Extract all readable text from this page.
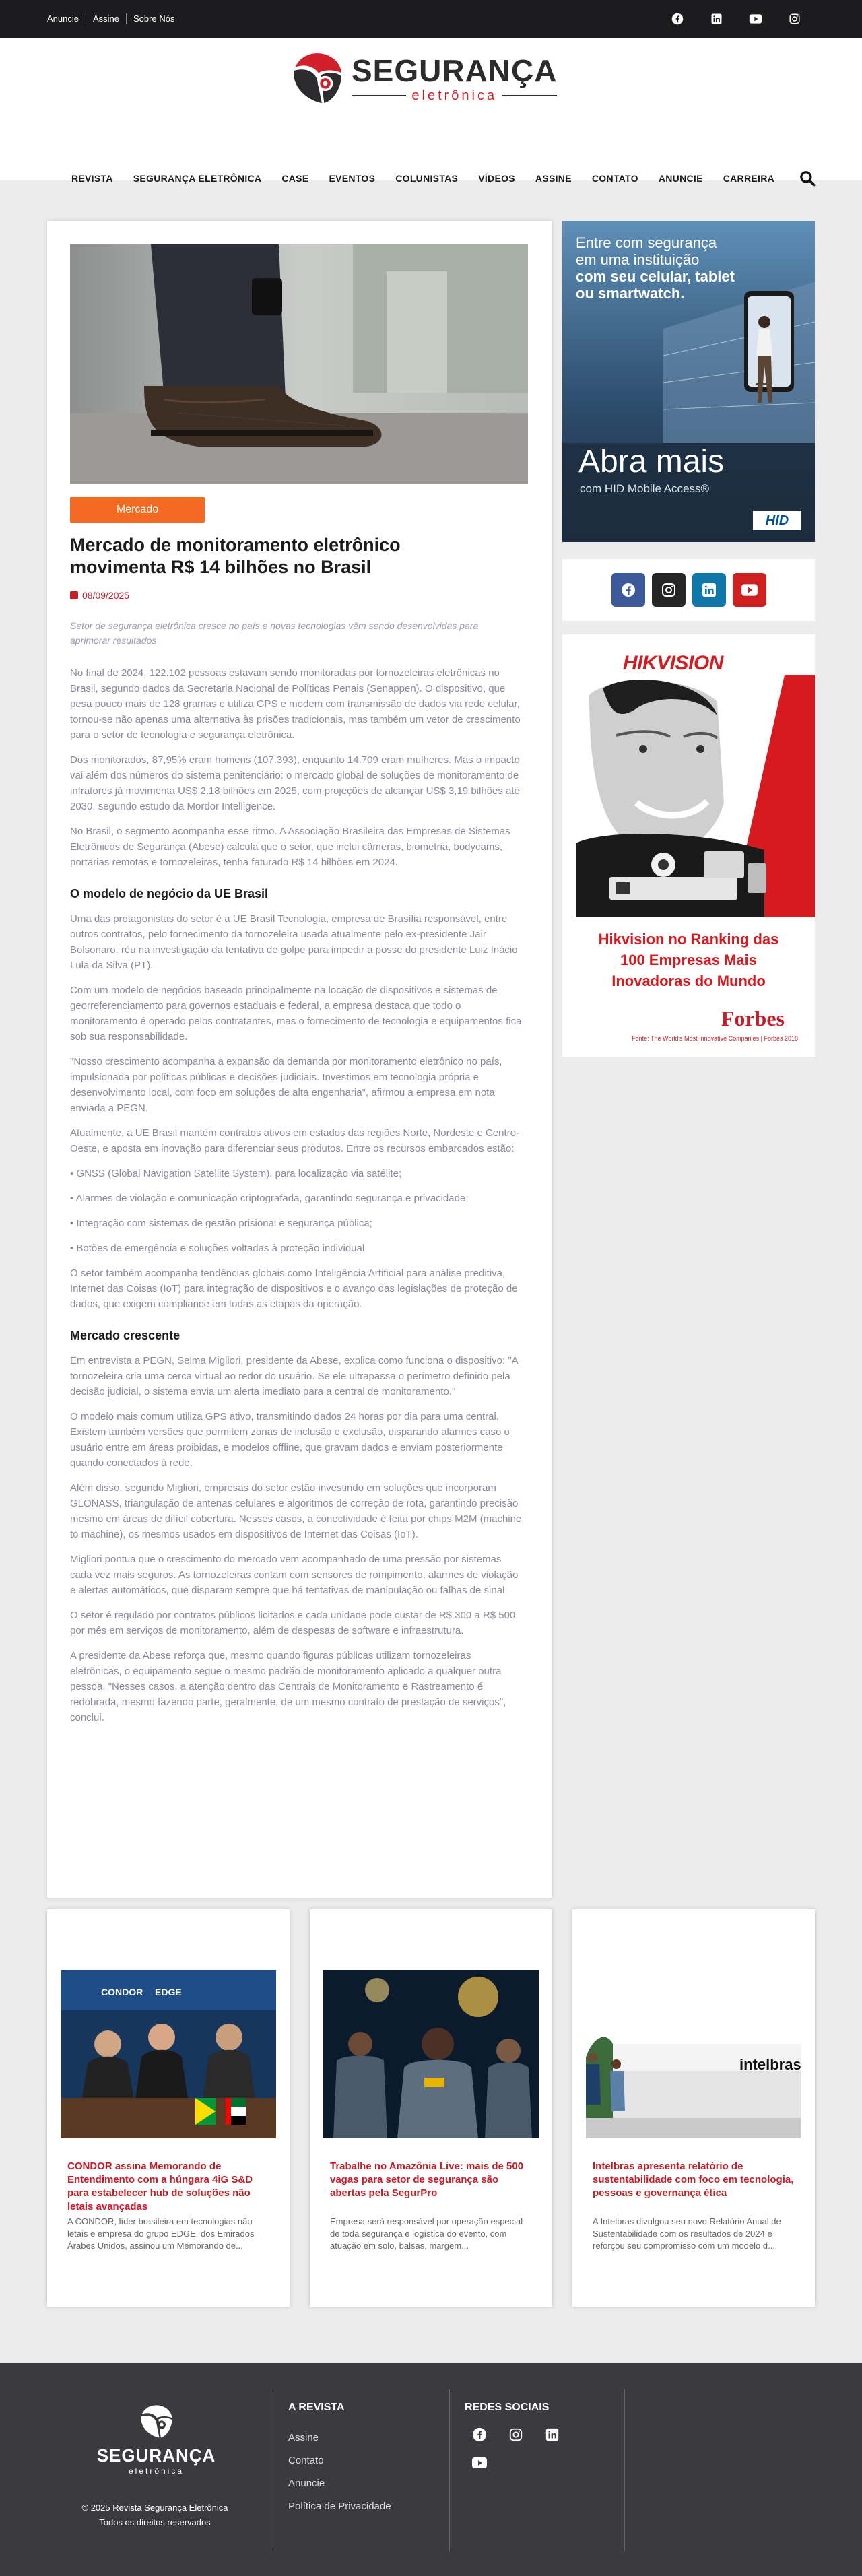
Anuncie	Assine	Sobre Nós
SEGURANÇA
eletrônica
REVISTA SEGURANÇA ELETRÔNICA CASE EVENTOS COLUNISTAS VÍDEOS ASSINE CONTATO ANUNCIE CARREIRA
Mercado
Mercado de monitoramento eletrônico movimenta R$ 14 bilhões no Brasil
08/09/2025
Setor de segurança eletrônica cresce no país e novas tecnologias vêm sendo desenvolvidas para aprimorar resultados

No final de 2024, 122.102 pessoas estavam sendo monitoradas por tornozeleiras eletrônicas no Brasil, segundo dados da Secretaria Nacional de Políticas Penais (Senappen). O dispositivo, que pesa pouco mais de 128 gramas e utiliza GPS e modem com transmissão de dados via rede celular, tornou-se não apenas uma alternativa às prisões tradicionais, mas também um vetor de crescimento para o setor de tecnologia e segurança eletrônica.

Dos monitorados, 87,95% eram homens (107.393), enquanto 14.709 eram mulheres. Mas o impacto vai além dos números do sistema penitenciário: o mercado global de soluções de monitoramento de infratores já movimenta US$ 2,18 bilhões em 2025, com projeções de alcançar US$ 3,19 bilhões até 2030, segundo estudo da Mordor Intelligence.

No Brasil, o segmento acompanha esse ritmo. A Associação Brasileira das Empresas de Sistemas Eletrônicos de Segurança (Abese) calcula que o setor, que inclui câmeras, biometria, bodycams, portarias remotas e tornozeleiras, tenha faturado R$ 14 bilhões em 2024.

O modelo de negócio da UE Brasil

Uma das protagonistas do setor é a UE Brasil Tecnologia, empresa de Brasília responsável, entre outros contratos, pelo fornecimento da tornozeleira usada atualmente pelo ex-presidente Jair Bolsonaro, réu na investigação da tentativa de golpe para impedir a posse do presidente Luiz Inácio Lula da Silva (PT).

Com um modelo de negócios baseado principalmente na locação de dispositivos e sistemas de georreferenciamento para governos estaduais e federal, a empresa destaca que todo o monitoramento é operado pelos contratantes, mas o fornecimento de tecnologia e equipamentos fica sob sua responsabilidade.

"Nosso crescimento acompanha a expansão da demanda por monitoramento eletrônico no país, impulsionada por políticas públicas e decisões judiciais. Investimos em tecnologia própria e desenvolvimento local, com foco em soluções de alta engenharia", afirmou a empresa em nota enviada a PEGN.

Atualmente, a UE Brasil mantém contratos ativos em estados das regiões Norte, Nordeste e Centro-Oeste, e aposta em inovação para diferenciar seus produtos. Entre os recursos embarcados estão:

• GNSS (Global Navigation Satellite System), para localização via satélite;

• Alarmes de violação e comunicação criptografada, garantindo segurança e privacidade;

• Integração com sistemas de gestão prisional e segurança pública;

• Botões de emergência e soluções voltadas à proteção individual.

O setor também acompanha tendências globais como Inteligência Artificial para análise preditiva, Internet das Coisas (IoT) para integração de dispositivos e o avanço das legislações de proteção de dados, que exigem compliance em todas as etapas da operação.

Mercado crescente

Em entrevista a PEGN, Selma Migliori, presidente da Abese, explica como funciona o dispositivo: "A tornozeleira cria uma cerca virtual ao redor do usuário. Se ele ultrapassa o perímetro definido pela decisão judicial, o sistema envia um alerta imediato para a central de monitoramento."

O modelo mais comum utiliza GPS ativo, transmitindo dados 24 horas por dia para uma central. Existem também versões que permitem zonas de inclusão e exclusão, disparando alarmes caso o usuário entre em áreas proibidas, e modelos offline, que gravam dados e enviam posteriormente quando conectados à rede.

Além disso, segundo Migliori, empresas do setor estão investindo em soluções que incorporam GLONASS, triangulação de antenas celulares e algoritmos de correção de rota, garantindo precisão mesmo em áreas de difícil cobertura. Nesses casos, a conectividade é feita por chips M2M (machine to machine), os mesmos usados em dispositivos de Internet das Coisas (IoT).

Migliori pontua que o crescimento do mercado vem acompanhado de uma pressão por sistemas cada vez mais seguros. As tornozeleiras contam com sensores de rompimento, alarmes de violação e alertas automáticos, que disparam sempre que há tentativas de manipulação ou falhas de sinal.

O setor é regulado por contratos públicos licitados e cada unidade pode custar de R$ 300 a R$ 500 por mês em serviços de monitoramento, além de despesas de software e infraestrutura.

A presidente da Abese reforça que, mesmo quando figuras públicas utilizam tornozeleiras eletrônicas, o equipamento segue o mesmo padrão de monitoramento aplicado a qualquer outra pessoa. "Nesses casos, a atenção dentro das Centrais de Monitoramento e Rastreamento é redobrada, mesmo fazendo parte, geralmente, de um mesmo contrato de prestação de serviços", conclui.

Entre com segurança
em uma instituição
com seu celular, tablet
ou smartwatch.
Abra mais
com HID Mobile Access®
HID
HIKVISION
Hikvision no Ranking das 100 Empresas Mais Inovadoras do Mundo
Forbes
Fonte: The World's Most Innovative Companies | Forbes 2018
CONDOR EDGE
CONDOR assina Memorando de Entendimento com a húngara 4iG S&D para estabelecer hub de soluções não letais avançadas
A CONDOR, líder brasileira em tecnologias não letais e empresa do grupo EDGE, dos Emirados Árabes Unidos, assinou um Memorando de...
Trabalhe no Amazônia Live: mais de 500 vagas para setor de segurança são abertas pela SegurPro
Empresa será responsável por operação especial de toda segurança e logística do evento, com atuação em solo, balsas, margem...
intelbras
Intelbras apresenta relatório de sustentabilidade com foco em tecnologia, pessoas e governança ética
A Intelbras divulgou seu novo Relatório Anual de Sustentabilidade com os resultados de 2024 e reforçou seu compromisso com um modelo d...
SEGURANÇA
eletrônica
© 2025 Revista Segurança Eletrônica
Todos os direitos reservados
A REVISTA
Assine
Contato
Anuncie
Política de Privacidade
REDES SOCIAIS
